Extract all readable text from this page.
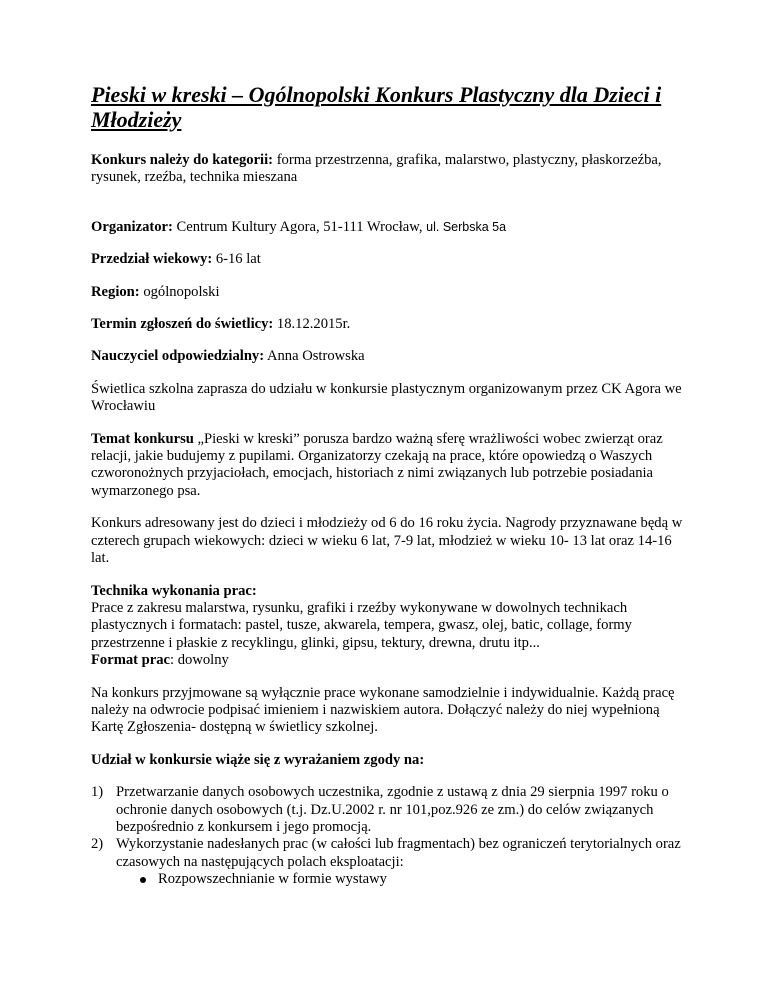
Pieski w kreski – Ogólnopolski Konkurs Plastyczny dla Dzieci i Młodzieży

Konkurs należy do kategorii: forma przestrzenna, grafika, malarstwo, plastyczny, płaskorzeźba, rysunek, rzeźba, technika mieszana

Organizator: Centrum Kultury Agora, 51-111 Wrocław, ul. Serbska 5a

Przedział wiekowy: 6-16 lat

Region: ogólnopolski

Termin zgłoszeń do świetlicy: 18.12.2015r.

Nauczyciel odpowiedzialny: Anna Ostrowska

Świetlica szkolna zaprasza do udziału w konkursie plastycznym organizowanym przez CK Agora we Wrocławiu

Temat konkursu „Pieski w kreski” porusza bardzo ważną sferę wrażliwości wobec zwierząt oraz relacji, jakie budujemy z pupilami. Organizatorzy czekają na prace, które opowiedzą o Waszych czworonożnych przyjaciołach, emocjach, historiach z nimi związanych lub potrzebie posiadania wymarzonego psa.

Konkurs adresowany jest do dzieci i młodzieży od 6 do 16 roku życia. Nagrody przyznawane będą w czterech grupach wiekowych: dzieci w wieku 6 lat, 7-9 lat, młodzież w wieku 10- 13 lat oraz 14-16 lat.

Technika wykonania prac:
Prace z zakresu malarstwa, rysunku, grafiki i rzeźby wykonywane w dowolnych technikach plastycznych i formatach: pastel, tusze, akwarela, tempera, gwasz, olej, batic, collage, formy przestrzenne i płaskie z recyklingu, glinki, gipsu, tektury, drewna, drutu itp...
Format prac: dowolny

Na konkurs przyjmowane są wyłącznie prace wykonane samodzielnie i indywidualnie. Każdą pracę należy na odwrocie podpisać imieniem i nazwiskiem autora. Dołączyć należy do niej wypełnioną Kartę Zgłoszenia- dostępną w świetlicy szkolnej.

Udział w konkursie wiąże się z wyrażaniem zgody na:

1) Przetwarzanie danych osobowych uczestnika, zgodnie z ustawą z dnia 29 sierpnia 1997 roku o ochronie danych osobowych (t.j. Dz.U.2002 r. nr 101,poz.926 ze zm.) do celów związanych bezpośrednio z konkursem i jego promocją.
2) Wykorzystanie nadesłanych prac (w całości lub fragmentach) bez ograniczeń terytorialnych oraz czasowych na następujących polach eksploatacji:
Rozpowszechnianie w formie wystawy
